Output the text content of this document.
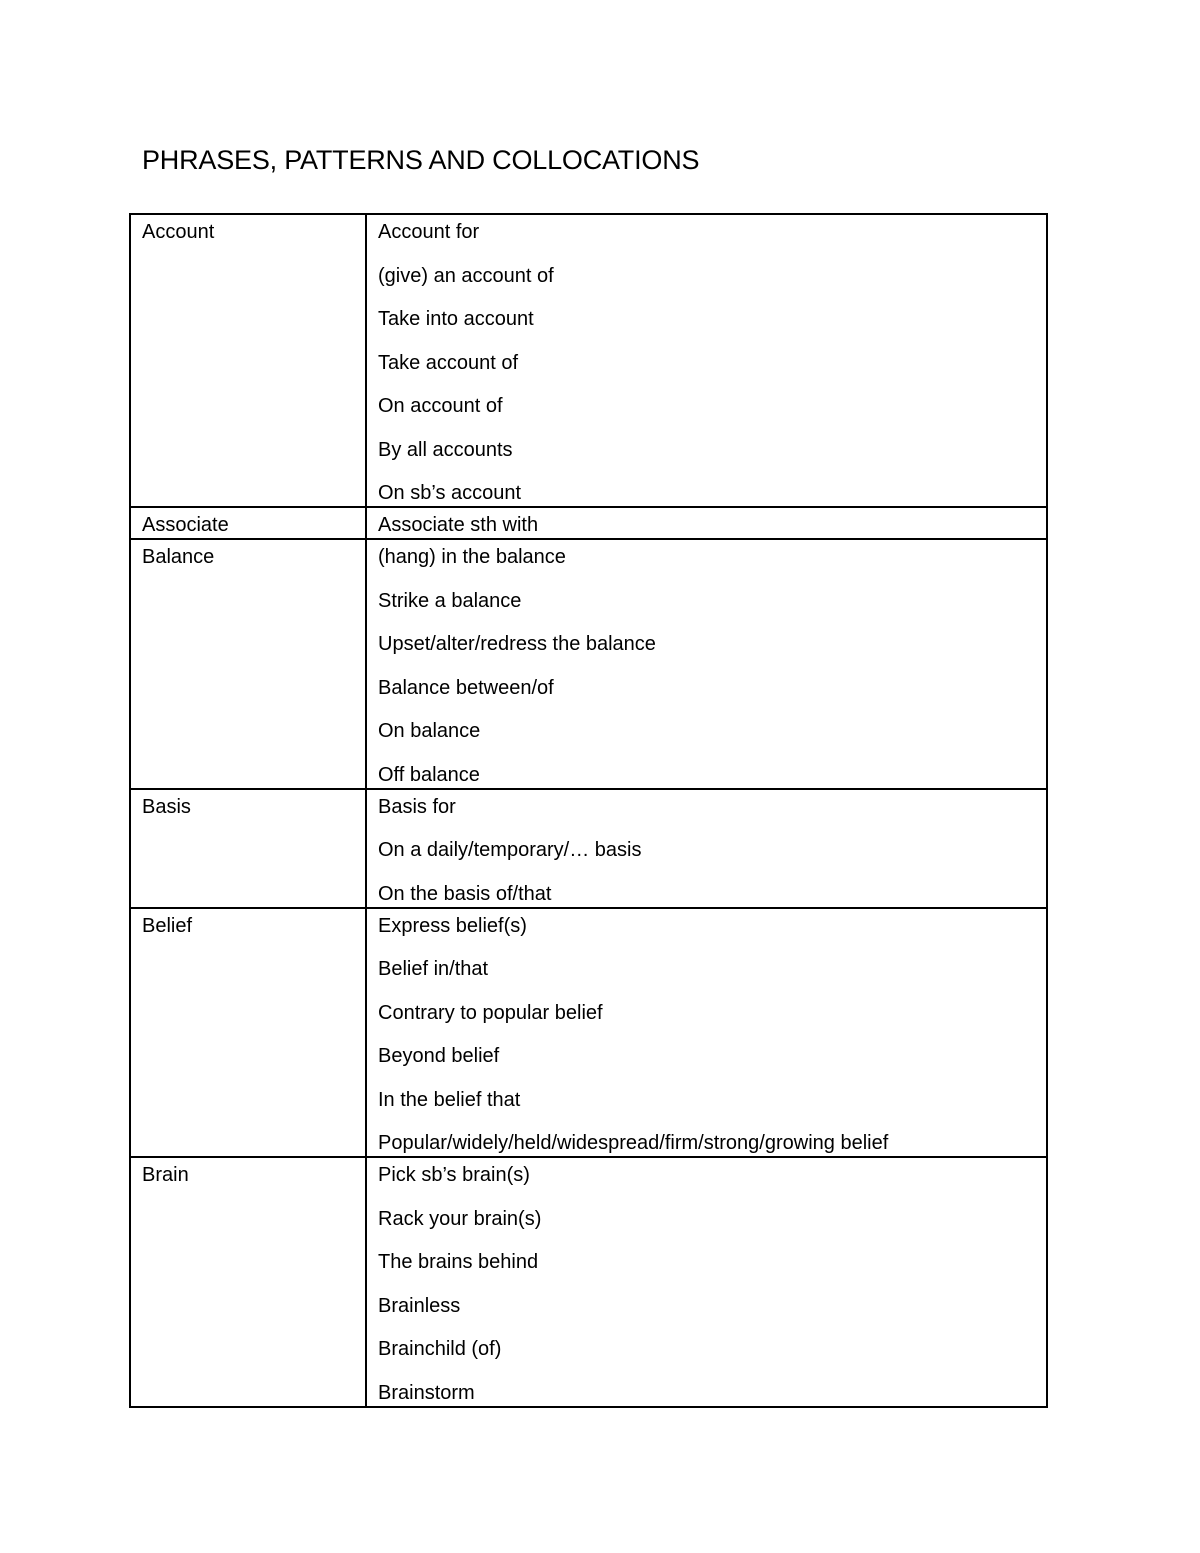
PHRASES, PATTERNS AND COLLOCATIONS
Account	Account for
(give) an account of
Take into account
Take account of
On account of
By all accounts
On sb’s account
Associate	Associate sth with
Balance	(hang) in the balance
Strike a balance
Upset/alter/redress the balance
Balance between/of
On balance
Off balance
Basis	Basis for
On a daily/temporary/… basis
On the basis of/that
Belief	Express belief(s)
Belief in/that
Contrary to popular belief
Beyond belief
In the belief that
Popular/widely/held/widespread/firm/strong/growing belief
Brain	Pick sb’s brain(s)
Rack your brain(s)
The brains behind
Brainless
Brainchild (of)
Brainstorm
